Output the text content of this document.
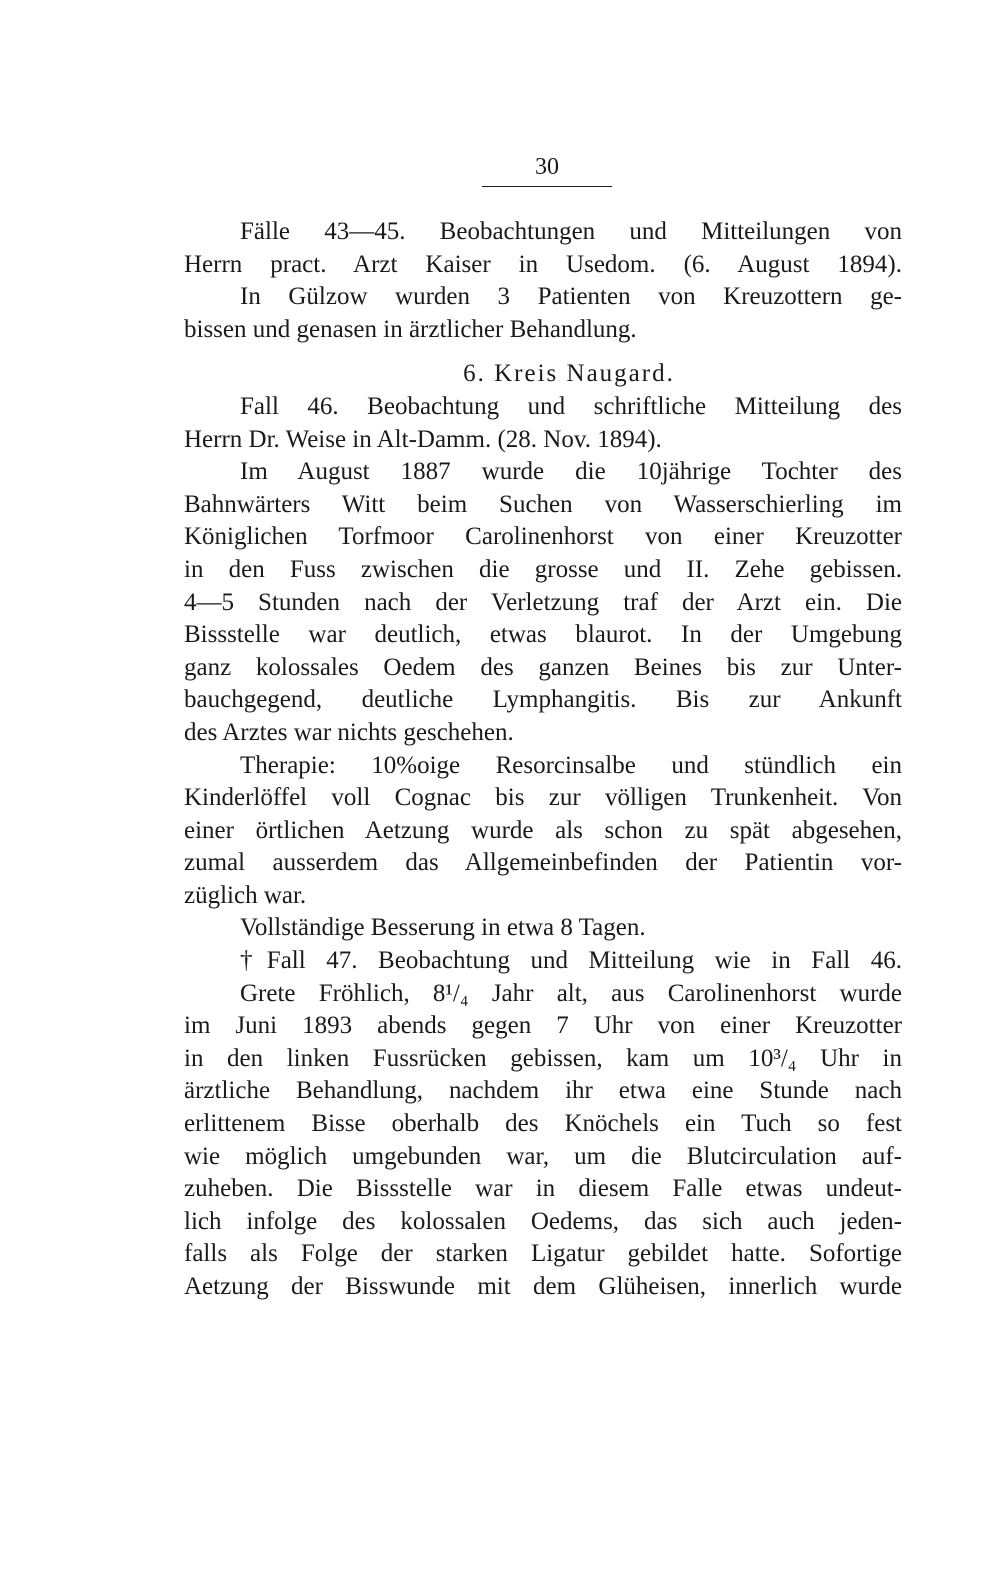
30
Fälle 43—45. Beobachtungen und Mitteilungen von
Herrn pract. Arzt Kaiser in Usedom. (6. August 1894).
In Gülzow wurden 3 Patienten von Kreuzottern ge-
bissen und genasen in ärztlicher Behandlung.
6. Kreis Naugard.
Fall 46. Beobachtung und schriftliche Mitteilung des
Herrn Dr. Weise in Alt-Damm. (28. Nov. 1894).
Im August 1887 wurde die 10jährige Tochter des
Bahnwärters Witt beim Suchen von Wasserschierling im
Königlichen Torfmoor Carolinenhorst von einer Kreuzotter
in den Fuss zwischen die grosse und II. Zehe gebissen.
4—5 Stunden nach der Verletzung traf der Arzt ein. Die
Bissstelle war deutlich, etwas blaurot. In der Umgebung
ganz kolossales Oedem des ganzen Beines bis zur Unter-
bauchgegend, deutliche Lymphangitis. Bis zur Ankunft
des Arztes war nichts geschehen.
Therapie: 10%oige Resorcinsalbe und stündlich ein
Kinderlöffel voll Cognac bis zur völligen Trunkenheit. Von
einer örtlichen Aetzung wurde als schon zu spät abgesehen,
zumal ausserdem das Allgemeinbefinden der Patientin vor-
züglich war.
Vollständige Besserung in etwa 8 Tagen.
†Fall 47. Beobachtung und Mitteilung wie in Fall 46.
Grete Fröhlich, 8¹/₄ Jahr alt, aus Carolinenhorst wurde
im Juni 1893 abends gegen 7 Uhr von einer Kreuzotter
in den linken Fussrücken gebissen, kam um 10³/₄ Uhr in
ärztliche Behandlung, nachdem ihr etwa eine Stunde nach
erlittenem Bisse oberhalb des Knöchels ein Tuch so fest
wie möglich umgebunden war, um die Blutcirculation auf-
zuheben. Die Bissstelle war in diesem Falle etwas undeut-
lich infolge des kolossalen Oedems, das sich auch jeden-
falls als Folge der starken Ligatur gebildet hatte. Sofortige
Aetzung der Bisswunde mit dem Glüheisen, innerlich wurde
